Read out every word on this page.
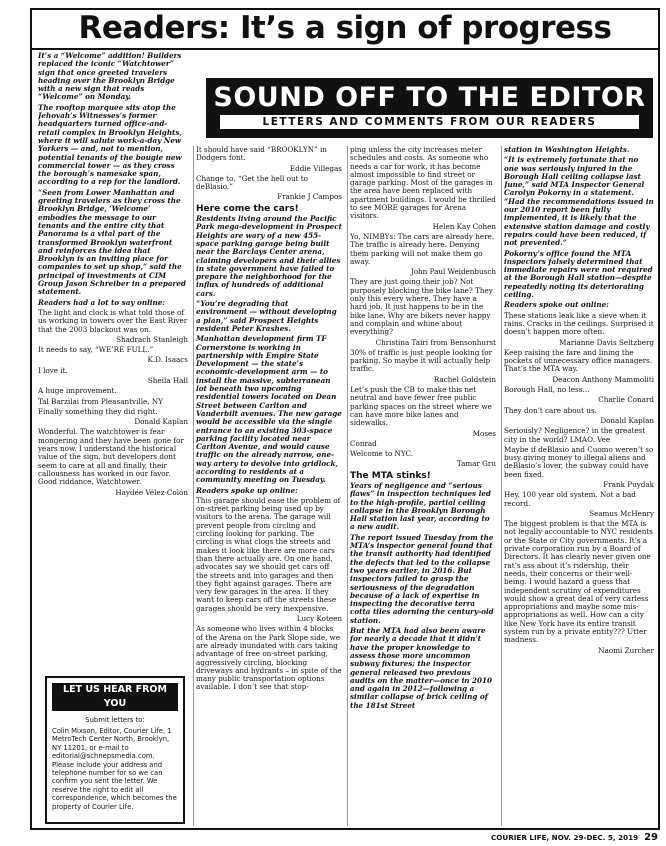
Readers: It’s a sign of progress
SOUND OFF TO THE EDITOR
LETTERS AND COMMENTS FROM OUR READERS

It’s a “Welcome” addition! Builders replaced the iconic “Watchtower” sign that once greeted travelers heading over the Brooklyn Bridge with a new sign that reads “Welcome” on Monday.

The rooftop marquee sits atop the Jehovah’s Witnesses’s former headquarters turned office-and-retail complex in Brooklyn Heights, where it will salute work-a-day New Yorkers — and, not to mention, potential tenants of the bougie new commercial tower — as they cross the borough’s namesake span, according to a rep for the landlord.

“Seen from Lower Manhattan and greeting travelers as they cross the Brooklyn Bridge, ‘Welcome’ embodies the message to our tenants and the entire city that Panorama is a vital part of the transformed Brooklyn waterfront and reinforces the idea that Brooklyn is an inviting place for companies to set up shop,” said the principal of investments at CIM Group Jason Schreiber in a prepared statement.

Readers had a lot to say online:

The light and clock is what told those of us working in towers over the East River that the 2003 blackout was on.

Shadrach Stanleigh

It needs to say, “WE’RE FULL.”

K.D. Isaacs

I love it.

Sheila Hall

A huge improvement.

Tal Barzilai from Pleasantville, NY

Finally something they did right.

Donald Kaplan

Wonderful. The watchtower is fear mongering and they have been gone for years now. I understand the historical value of the sign, but developers dont seem to care at all and finally, their callousness has worked in our favor. Good riddance, Watchtower.

Haydée Vélez-Colón

It should have said “BROOKLYN” in Dodgers font.

Eddie Villegas

Change to, “Get the hell out to deBlasio.”

Frankie J Campos

Here come the cars!

Residents living around the Pacific Park mega-development in Prospect Heights are wary of a new 455-space parking garage being built near the Barclays Center arena, claiming developers and their allies in state government have failed to prepare the neighborhood for the influx of hundreds of additional cars.

“You’re degrading that environment — without developing a plan,” said Prospect Heights resident Peter Krashes.

Manhattan development firm TF Cornerstone is working in partnership with Empire State Development — the state’s economic-development arm — to install the massive, subterranean lot beneath two upcoming residential towers located on Dean Street between Carlton and Vanderbilt avenues. The new garage would be accessible via the single entrance to an existing 303-space parking facility located near Carlton Avenue, and would cause traffic on the already narrow, one-way artery to devolve into gridlock, according to residents at a community meeting on Tuesday.

Readers spoke up online:

This garage should ease the problem of on-street parking being used up by visitors to the arena. The garage will prevent people from circling and circling looking for parking. The circling is what clogs the streets and makes it look like there are more cars than there actually are. On one hand, advocates say we should get cars off the streets and into garages and then they fight against garages. There are very few garages in the area. If they want to keep cars off the streets these garages should be very inexpensive.

Lucy Koteen

As someone who lives within 4 blocks of the Arena on the Park Slope side, we are already inundated with cars taking advantage of free on-street parking, aggressively circling, blocking driveways and hydrants – in spite of the many public transportation options available. I don’t see that stop-

ping unless the city increases meter schedules and costs. As someone who needs a car for work, it has become almost impossible to find street or garage parking. Most of the garages in the area have been replaced with apartment buildings. I would be thrilled to see MORE garages for Arena visitors.

Helen Kay Cohen

Yo, NIMBYs: The cars are already here. The traffic is already here. Denying them parking will not make them go away.

John Paul Weidenbusch

They are just going their job? Not purposely blocking the bike lane? They only this every where. They have a hard job. It just happens to be in the bike lane. Why are bikers never happy and complain and whine about everything?

Christina Tairi from Bensonhurst

30% of traffic is just people looking for parking. So maybe it will actually help traffic.

Rachel Goldstein

Let’s push the CB to make this net neutral and have fewer free public parking spaces on the street where we can have more bike lanes and sidewalks.

Moses

Conrad

Welcome to NYC.

Tamar Gru

The MTA stinks!

Years of negligence and “serious flaws” in inspection techniques led to the high-profile, partial ceiling collapse in the Brooklyn Borough Hall station last year, according to a new audit.

The report issued Tuesday from the MTA’s inspector general found that the transit authority had identified the defects that led to the collapse two years earlier, in 2016. But inspectors failed to grasp the seriousness of the degradation because of a lack of expertise in inspecting the decorative terra cotta tiles adorning the century-old station.

But the MTA had also been aware for nearly a decade that it didn’t have the proper knowledge to assess those more uncommon subway fixtures; the inspector general released two previous audits on the matter—once in 2010 and again in 2012—following a similar collapse of brick ceiling of the 181st Street

station in Washington Heights.

“It is extremely fortunate that no one was seriously injured in the Borough Hall ceiling collapse last June,” said MTA Inspector General Carolyn Pokorny in a statement. “Had the recommendations issued in our 2010 report been fully implemented, it is likely that the extensive station damage and costly repairs could have been reduced, if not prevented.”

Pokorny’s office found the MTA inspectors falsely determined that immediate repairs were not required at the Borough Hall station—despite repeatedly noting its deteriorating ceiling.

Readers spoke out online:

These stations leak like a sieve when it rains. Cracks in the ceilings. Surprised it doesn’t happen more often.

Marianne Davis Seltzberg

Keep raising the fare and lining the pockets of unnecessary office managers. That’s the MTA way.

Deacon Anthony Mammoliti

Borough Hall, no less…

Charlie Conard

They don’t care about us.

Donald Kaplan

Seriously? Negligence? in the greatest city in the world? LMAO. Vee

Maybe if deBlasio and Cuomo weren’t so busy giving money to illegal aliens and deBlasio’s lover, the subway could have been fixed.

Frank Puydak

Hey, 100 year old system. Not a bad record.

Seamus McHenry

The biggest problem is that the MTA is not legally accountable to NYC residents or the State or City governments. It’s a private corporation run by a Board of Directors. It has clearly never given one rat’s ass about it’s ridership, their needs, their concerns or their well-being. I would hazard a guess that independent scrutiny of expenditures would show a great deal of very carless appropriations and maybe some mis-appropriations as well. How can a city like New York have its entire transit system run by a private entity??? Utter madness.

Naomi Zurcher

LET US HEAR FROM YOU
Submit letters to:
Colin Mixson, Editor, Courier Life, 1 MetroTech Center North, Brooklyn, NY 11201, or e-mail to editorial@schnepsmedia.com. Please include your address and telephone number for so we can confirm you sent the letter. We reserve the right to edit all correspondence, which becomes the property of Courier Life.
COURIER LIFE, NOV. 29-DEC. 5, 2019 29
